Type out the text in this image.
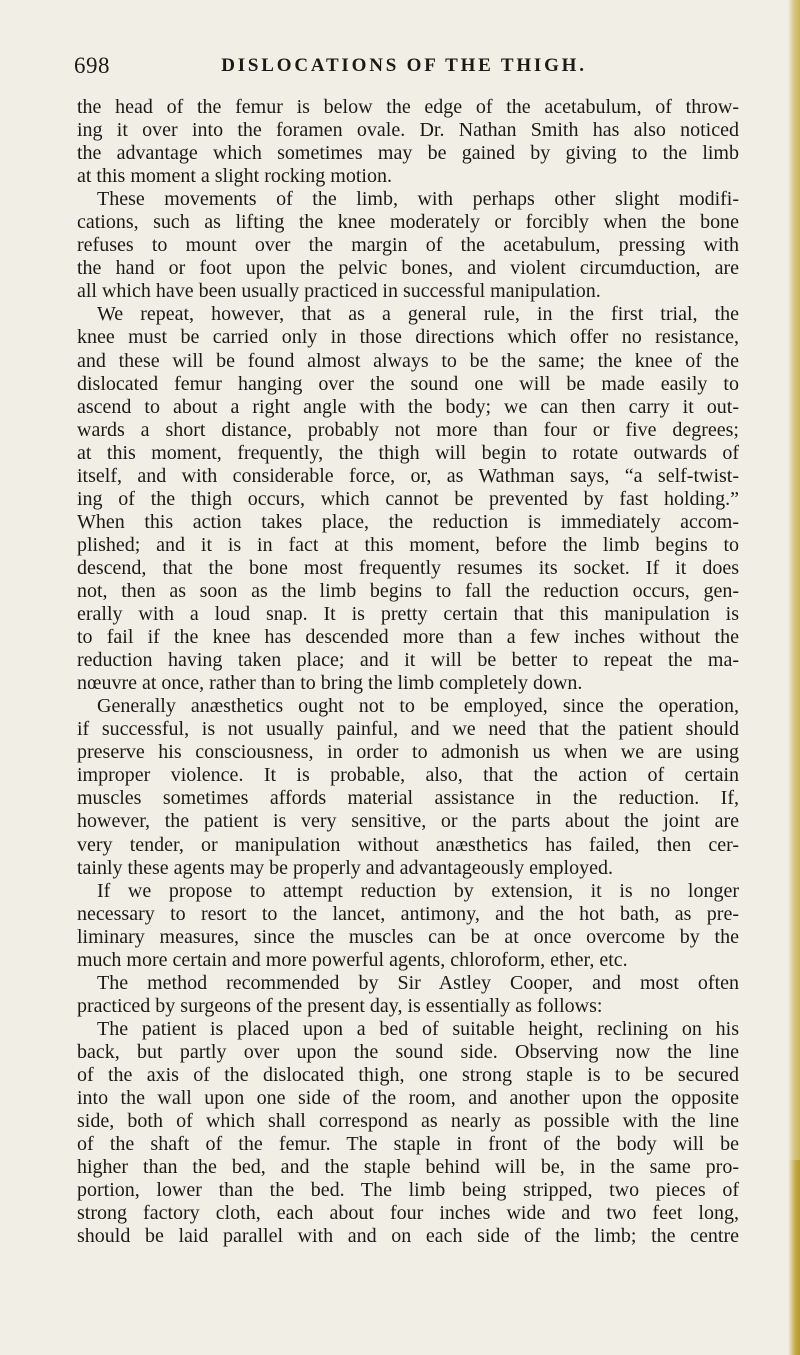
698	DISLOCATIONS OF THE THIGH.
the head of the femur is below the edge of the acetabulum, of throw-
ing it over into the foramen ovale. Dr. Nathan Smith has also noticed
the advantage which sometimes may be gained by giving to the limb
at this moment a slight rocking motion.
These movements of the limb, with perhaps other slight modifi-
cations, such as lifting the knee moderately or forcibly when the bone
refuses to mount over the margin of the acetabulum, pressing with
the hand or foot upon the pelvic bones, and violent circumduction, are
all which have been usually practiced in successful manipulation.
We repeat, however, that as a general rule, in the first trial, the
knee must be carried only in those directions which offer no resistance,
and these will be found almost always to be the same; the knee of the
dislocated femur hanging over the sound one will be made easily to
ascend to about a right angle with the body; we can then carry it out-
wards a short distance, probably not more than four or five degrees;
at this moment, frequently, the thigh will begin to rotate outwards of
itself, and with considerable force, or, as Wathman says, “a self-twist-
ing of the thigh occurs, which cannot be prevented by fast holding.”
When this action takes place, the reduction is immediately accom-
plished; and it is in fact at this moment, before the limb begins to
descend, that the bone most frequently resumes its socket. If it does
not, then as soon as the limb begins to fall the reduction occurs, gen-
erally with a loud snap. It is pretty certain that this manipulation is
to fail if the knee has descended more than a few inches without the
reduction having taken place; and it will be better to repeat the ma-
nœuvre at once, rather than to bring the limb completely down.
Generally anæsthetics ought not to be employed, since the operation,
if successful, is not usually painful, and we need that the patient should
preserve his consciousness, in order to admonish us when we are using
improper violence. It is probable, also, that the action of certain
muscles sometimes affords material assistance in the reduction. If,
however, the patient is very sensitive, or the parts about the joint are
very tender, or manipulation without anæsthetics has failed, then cer-
tainly these agents may be properly and advantageously employed.
If we propose to attempt reduction by extension, it is no longer
necessary to resort to the lancet, antimony, and the hot bath, as pre-
liminary measures, since the muscles can be at once overcome by the
much more certain and more powerful agents, chloroform, ether, etc.
The method recommended by Sir Astley Cooper, and most often
practiced by surgeons of the present day, is essentially as follows:
The patient is placed upon a bed of suitable height, reclining on his
back, but partly over upon the sound side. Observing now the line
of the axis of the dislocated thigh, one strong staple is to be secured
into the wall upon one side of the room, and another upon the opposite
side, both of which shall correspond as nearly as possible with the line
of the shaft of the femur. The staple in front of the body will be
higher than the bed, and the staple behind will be, in the same pro-
portion, lower than the bed. The limb being stripped, two pieces of
strong factory cloth, each about four inches wide and two feet long,
should be laid parallel with and on each side of the limb; the centre
